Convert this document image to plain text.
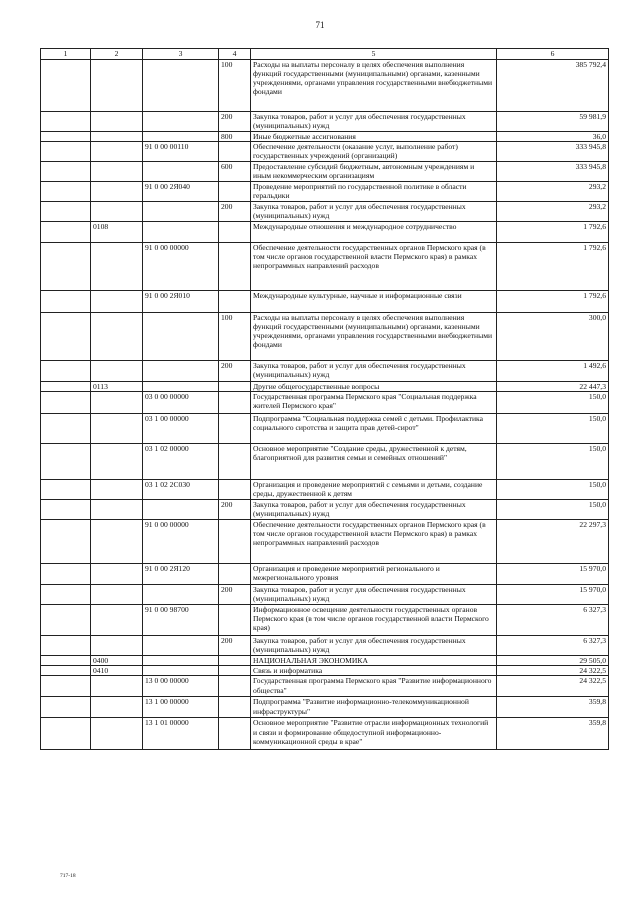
71
1	2	3	4	5	6
			100	Расходы на выплаты персоналу в целях обеспечения выполнения функций государственными (муниципальными) органами, казенными учреждениями, органами управления государственными внебюджетными фондами	385 792,4
			200	Закупка товаров, работ и услуг для обеспечения государственных (муниципальных) нужд	59 981,9
			800	Иные бюджетные ассигнования	36,0
		91 0 00 00110		Обеспечение деятельности (оказание услуг, выполнение работ) государственных учреждений (организаций)	333 945,8
			600	Предоставление субсидий бюджетным, автономным учреждениям и иным некоммерческим организациям	333 945,8
		91 0 00 2Я040		Проведение мероприятий по государственной политике в области геральдики	293,2
			200	Закупка товаров, работ и услуг для обеспечения государственных (муниципальных) нужд	293,2
	0108			Международные отношения и международное сотрудничество	1 792,6
		91 0 00 00000		Обеспечение деятельности государственных органов Пермского края (в том числе органов государственной власти Пермского края) в рамках непрограммных направлений расходов	1 792,6
		91 0 00 2Я010		Международные культурные, научные и информационные связи	1 792,6
			100	Расходы на выплаты персоналу в целях обеспечения выполнения функций государственными (муниципальными) органами, казенными учреждениями, органами управления государственными внебюджетными фондами	300,0
			200	Закупка товаров, работ и услуг для обеспечения государственных (муниципальных) нужд	1 492,6
	0113			Другие общегосударственные вопросы	22 447,3
		03 0 00 00000		Государственная программа Пермского края "Социальная поддержка жителей Пермского края"	150,0
		03 1 00 00000		Подпрограмма "Социальная поддержка семей с детьми. Профилактика социального сиротства и защита прав детей-сирот"	150,0
		03 1 02 00000		Основное мероприятие "Создание среды, дружественной к детям, благоприятной для развития семьи и семейных отношений"	150,0
		03 1 02 2С030		Организация и проведение мероприятий с семьями и детьми, создание среды, дружественной к детям	150,0
			200	Закупка товаров, работ и услуг для обеспечения государственных (муниципальных) нужд	150,0
		91 0 00 00000		Обеспечение деятельности государственных органов Пермского края (в том числе органов государственной власти Пермского края) в рамках непрограммных направлений расходов	22 297,3
		91 0 00 2Я120		Организация и проведение мероприятий регионального и межрегионального уровня	15 970,0
			200	Закупка товаров, работ и услуг для обеспечения государственных (муниципальных) нужд	15 970,0
		91 0 00 98700		Информационное освещение деятельности государственных органов Пермского края (в том числе органов государственной власти Пермского края)	6 327,3
			200	Закупка товаров, работ и услуг для обеспечения государственных (муниципальных) нужд	6 327,3
	0400			НАЦИОНАЛЬНАЯ ЭКОНОМИКА	29 505,0
	0410			Связь и информатика	24 322,5
		13 0 00 00000		Государственная программа Пермского края "Развитие информационного общества"	24 322,5
		13 1 00 00000		Подпрограмма "Развитие информационно-телекоммуникационной инфраструктуры"	359,8
		13 1 01 00000		Основное мероприятие "Развитие отрасли информационных технологий и связи и формирование общедоступной информационно-коммуникационной среды в крае"	359,8
717-18
